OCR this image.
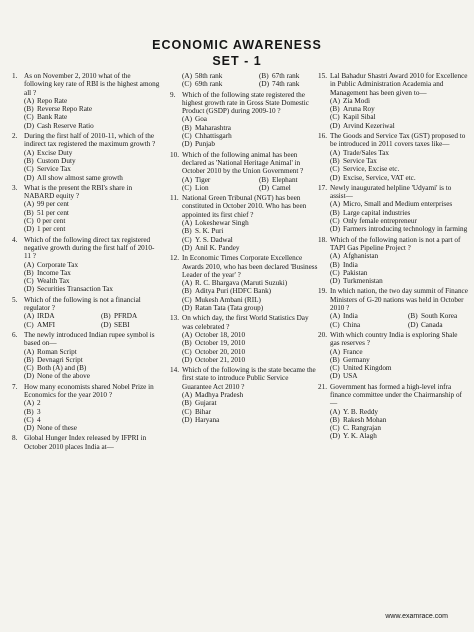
ECONOMIC AWARENESS
SET - 1
1. As on November 2, 2010 what of the following key rate of RBI is the highest among all ?
(A) Repo Rate
(B) Reverse Repo Rate
(C) Bank Rate
(D) Cash Reserve Ratio
2. During the first half of 2010-11, which of the indirect tax registered the maximum growth ?
(A) Excise Duty
(B) Custom Duty
(C) Service Tax
(D) All show almost same growth
3. What is the present the RBI's share in NABARD equity ?
(A) 99 per cent
(B) 51 per cent
(C) 0 per cent
(D) 1 per cent
4. Which of the following direct tax registered negative growth during the first half of 2010-11 ?
(A) Corporate Tax
(B) Income Tax
(C) Wealth Tax
(D) Securities Transaction Tax
5. Which of the following is not a financial regulator ?
(A) IRDA	(B) PFRDA
(C) AMFI	(D) SEBI
6. The newly introduced Indian rupee symbol is based on—
(A) Roman Script
(B) Devnagri Script
(C) Both (A) and (B)
(D) None of the above
7. How many economists shared Nobel Prize in Economics for the year 2010 ?
(A) 2
(B) 3
(C) 4
(D) None of these
8. Global Hunger Index released by IFPRI in October 2010 places India at—
(A) 58th rank	(B) 67th rank
(C) 69th rank	(D) 74th rank
9. Which of the following state registered the highest growth rate in Gross State Domestic Product (GSDP) during 2009-10 ?
(A) Goa
(B) Maharashtra
(C) Chhattisgarh
(D) Punjab
10. Which of the following animal has been declared as 'National Heritage Animal' in October 2010 by the Union Government ?
(A) Tiger	(B) Elephant
(C) Lion	(D) Camel
11. National Green Tribunal (NGT) has been constituted in October 2010. Who has been appointed its first chief ?
(A) Lokeshewar Singh
(B) S. K. Puri
(C) Y. S. Dadwal
(D) Anil K. Pandey
12. In Economic Times Corporate Excellence Awards 2010, who has been declared 'Business Leader of the year' ?
(A) R. C. Bhargava (Maruti Suzuki)
(B) Aditya Puri (HDFC Bank)
(C) Mukesh Ambani (RIL)
(D) Ratan Tata (Tata group)
13. On which day, the first World Statistics Day was celebrated ?
(A) October 18, 2010
(B) October 19, 2010
(C) October 20, 2010
(D) October 21, 2010
14. Which of the following is the state became the first state to introduce Public Service Guarantee Act 2010 ?
(A) Madhya Pradesh
(B) Gujarat
(C) Bihar
(D) Haryana
15. Lal Bahadur Shastri Award 2010 for Excellence in Public Administration Academia and Management has been given to—
(A) Zia Modi
(B) Aruna Roy
(C) Kapil Sibal
(D) Arvind Kezeriwal
16. The Goods and Service Tax (GST) proposed to be introduced in 2011 covers taxes like—
(A) Trade/Sales Tax
(B) Service Tax
(C) Service, Excise etc.
(D) Excise, Service, VAT etc.
17. Newly inaugurated helpline 'Udyami' is to assist—
(A) Micro, Small and Medium enterprises
(B) Large capital industries
(C) Only female entrepreneur
(D) Farmers introducing technology in farming
18. Which of the following nation is not a part of TAPI Gas Pipeline Project ?
(A) Afghanistan
(B) India
(C) Pakistan
(D) Turkmenistan
19. In which nation, the two day summit of Finance Ministers of G-20 nations was held in October 2010 ?
(A) India	(B) South Korea
(C) China	(D) Canada
20. With which country India is exploring Shale gas reserves ?
(A) France
(B) Germany
(C) United Kingdom
(D) USA
21. Government has formed a high-level infra finance committee under the Chairmanship of—
(A) Y. B. Reddy
(B) Rakesh Mohan
(C) C. Rangrajan
(D) Y. K. Alagh
www.examrace.com
